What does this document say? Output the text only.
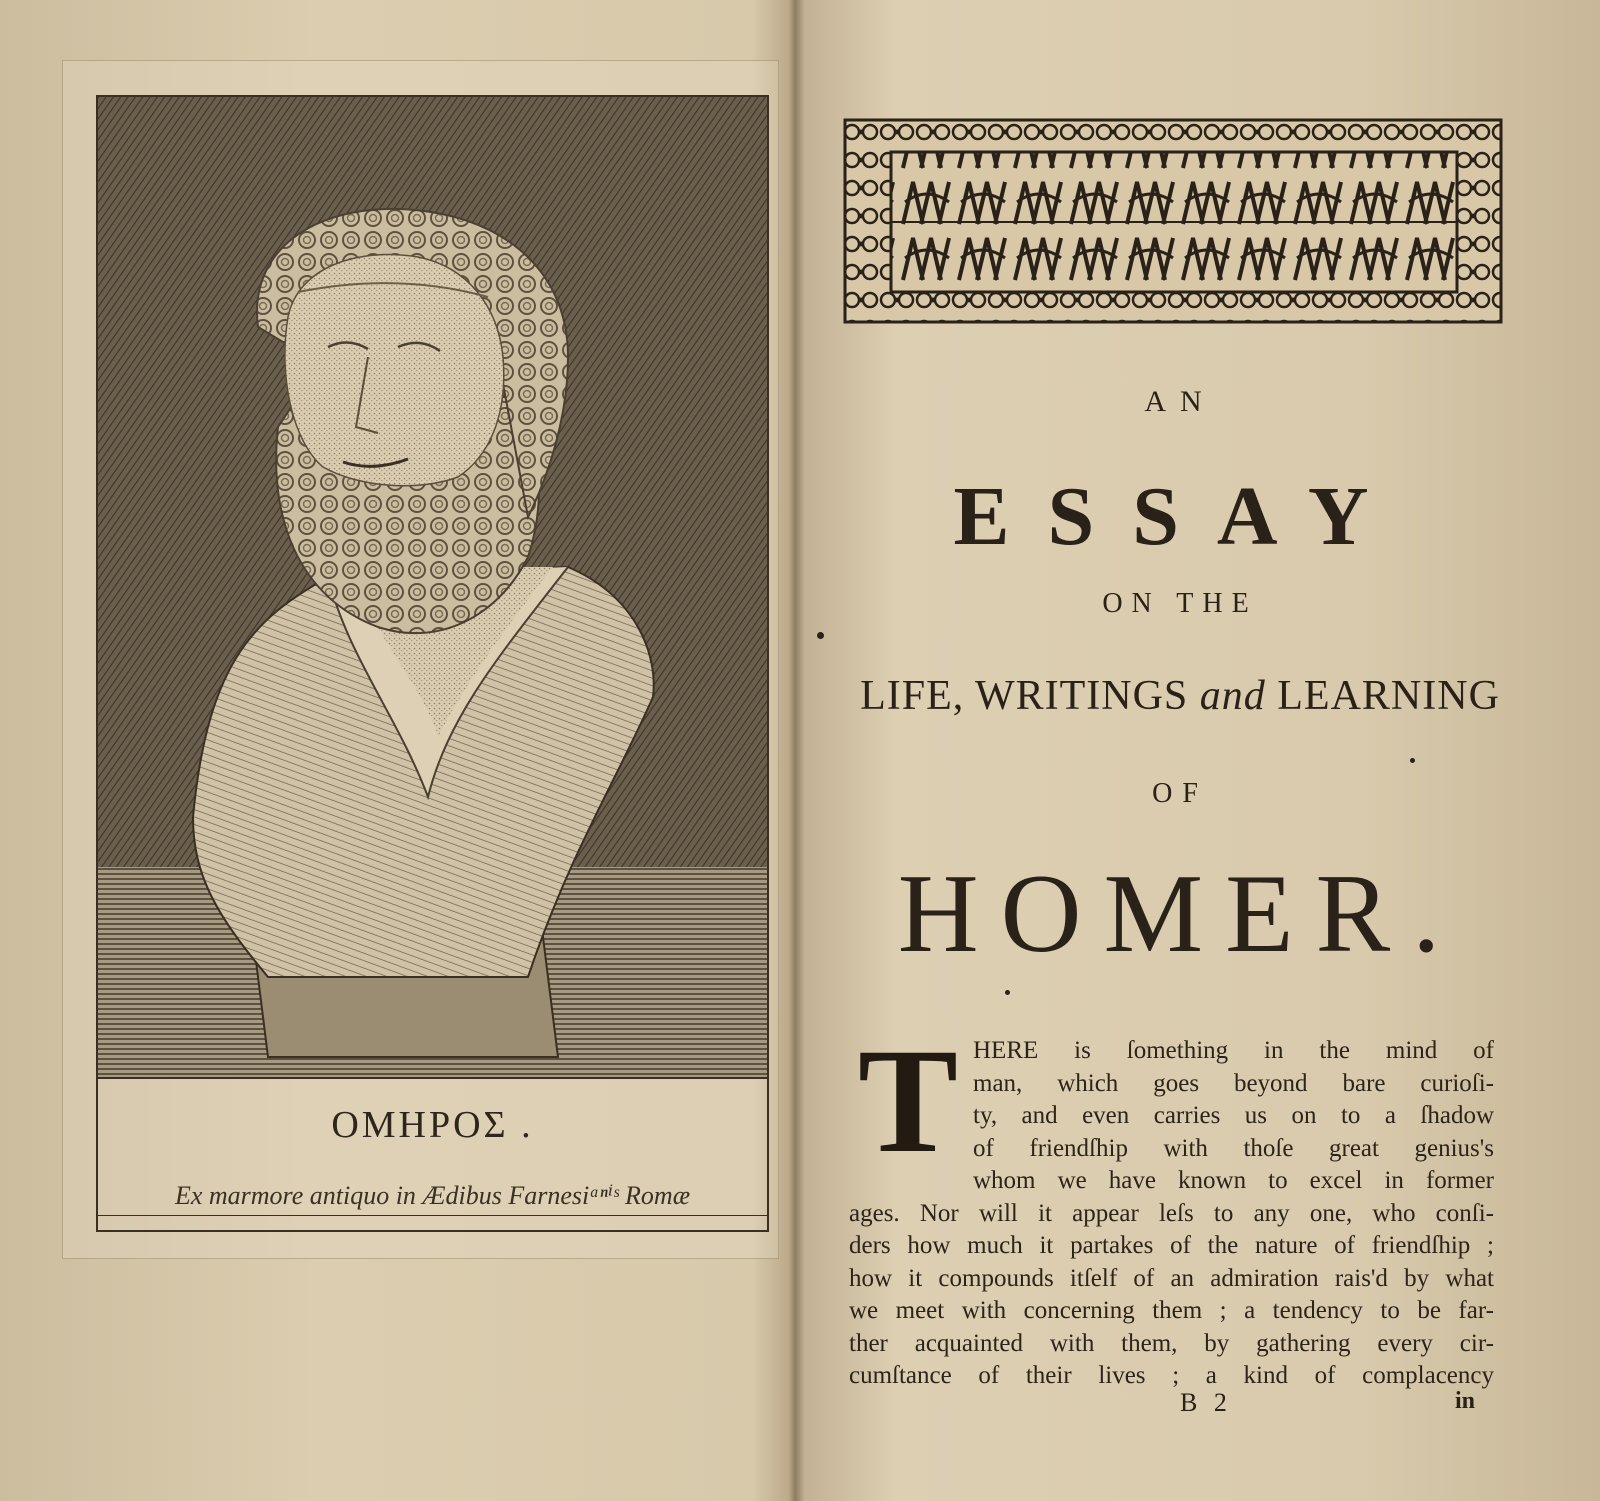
ΟΜΗΡΟΣ .
Ex marmore antiquo in Ædibus Farnesiᵃⁿⁱˢ Romæ
AN
ESSAY
ON THE
LIFE, WRITINGS and LEARNING
OF
HOMER.
T HERE is ſomething in the mind of
man, which goes beyond bare curioſi-
ty, and even carries us on to a ſhadow
of friendſhip with thoſe great genius's
whom we have known to excel in former
ages. Nor will it appear leſs to any one, who conſi-
ders how much it partakes of the nature of friendſhip ;
how it compounds itſelf of an admiration rais'd by what
we meet with concerning them ; a tendency to be far-
ther acquainted with them, by gathering every cir-
cumſtance of their lives ; a kind of complacency
B 2	in
